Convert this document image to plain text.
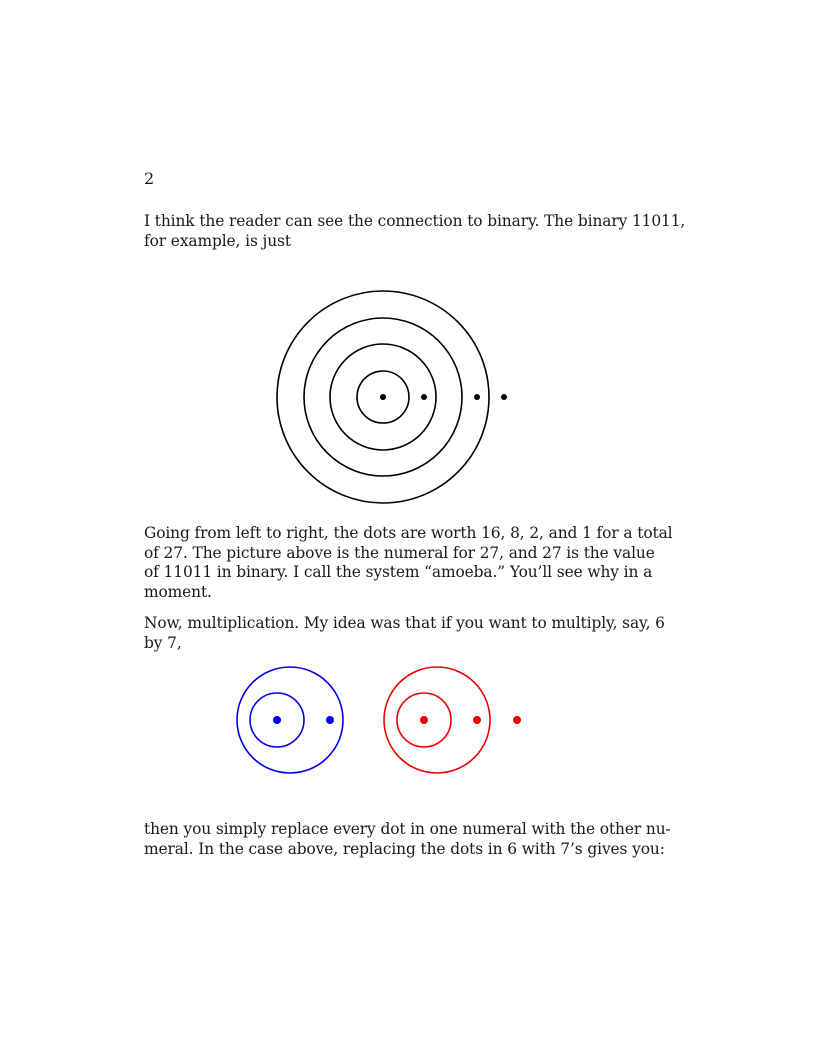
2

I think the reader can see the connection to binary. The binary 11011,
for example, is just

Going from left to right, the dots are worth 16, 8, 2, and 1 for a total
of 27. The picture above is the numeral for 27, and 27 is the value
of 11011 in binary. I call the system “amoeba.” You’ll see why in a
moment.

Now, multiplication. My idea was that if you want to multiply, say, 6
by 7,

then you simply replace every dot in one numeral with the other nu-
meral. In the case above, replacing the dots in 6 with 7’s gives you:
